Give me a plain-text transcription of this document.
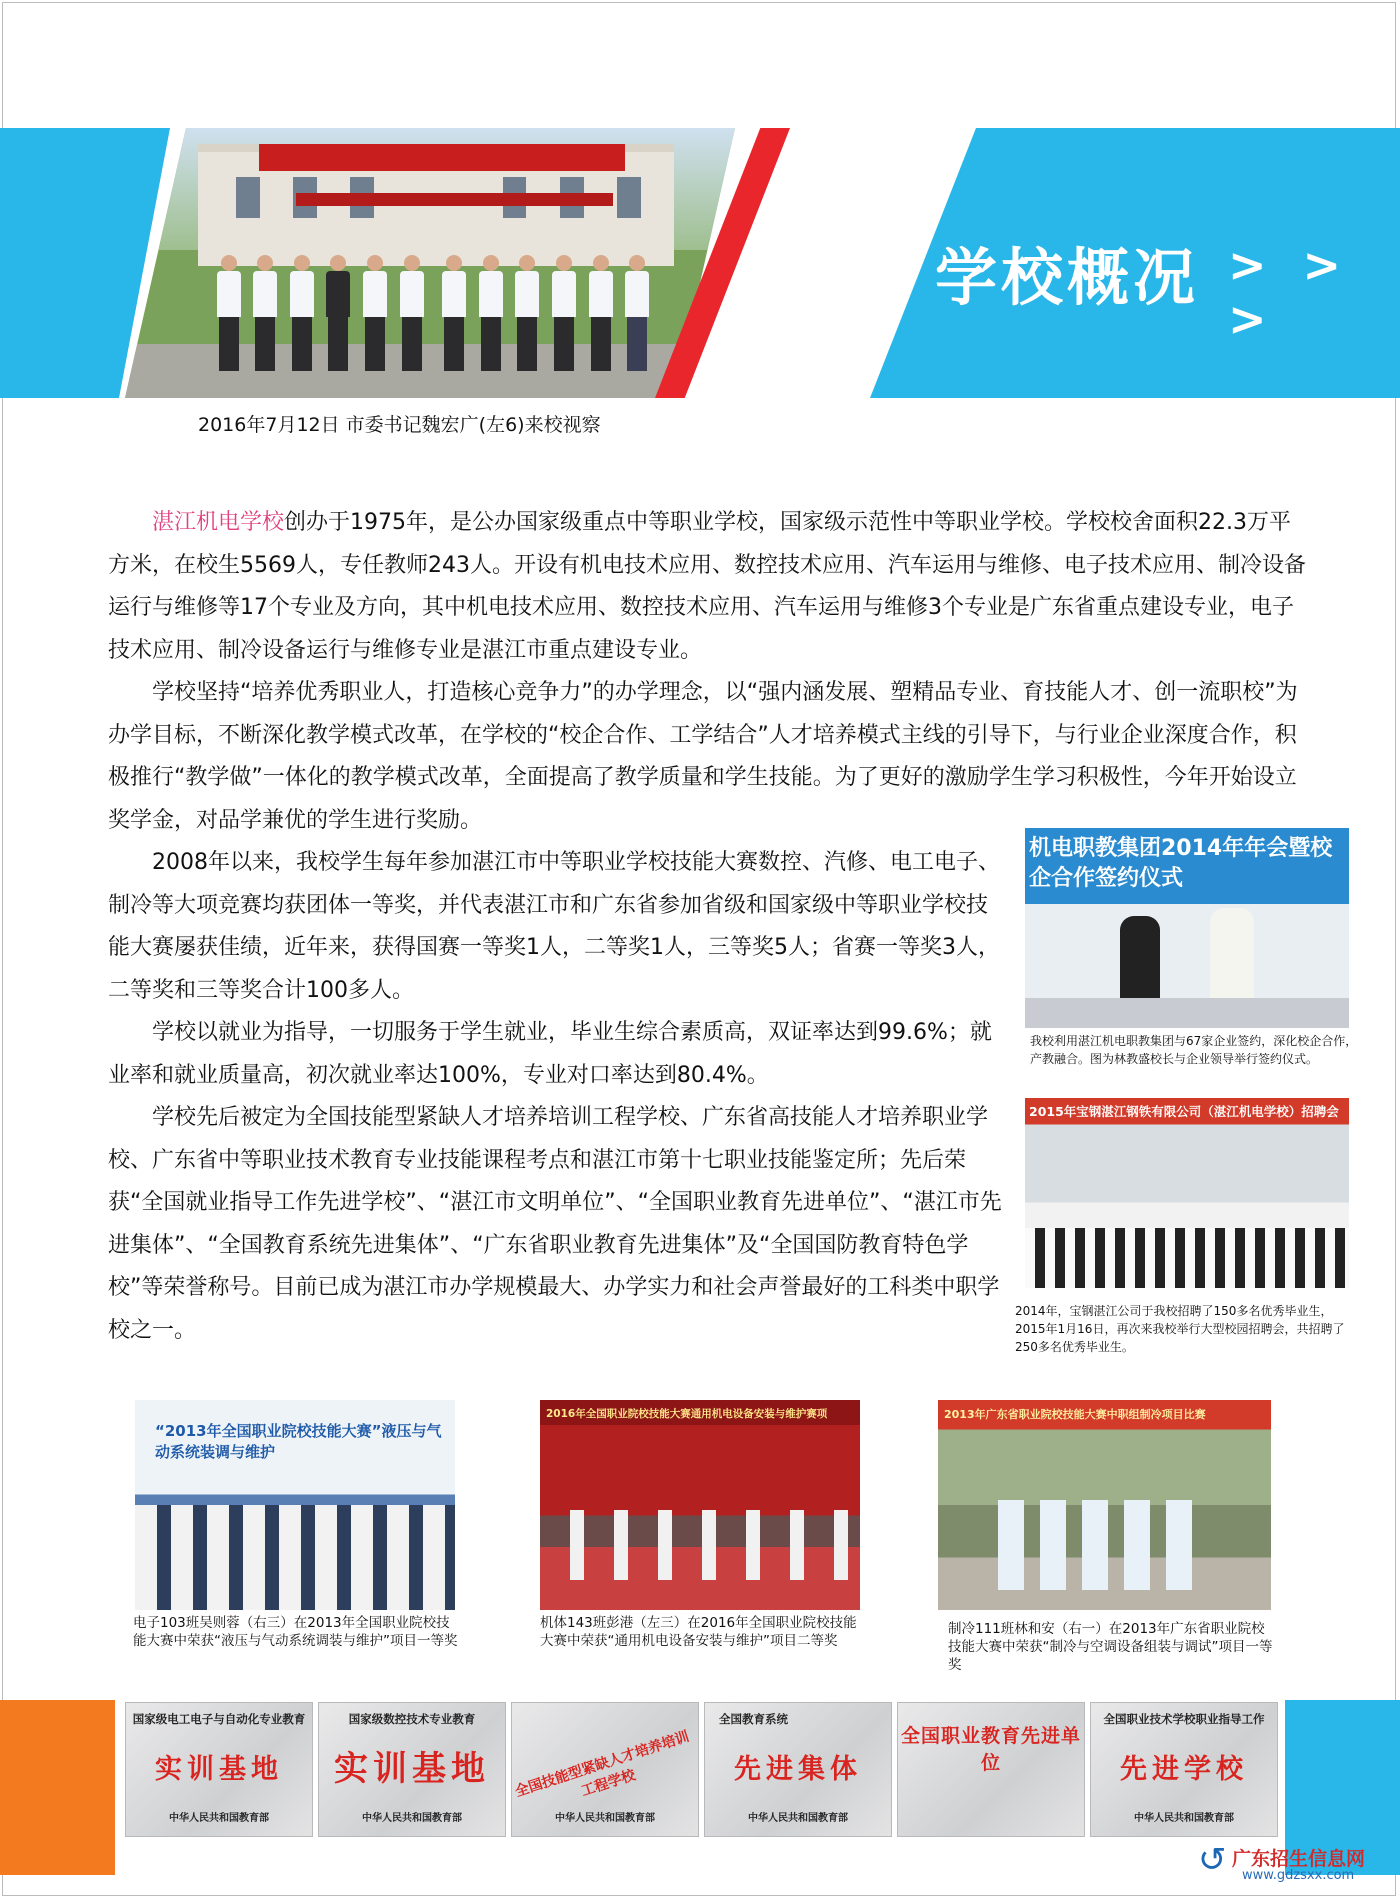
学校概况 > > >
2016年7月12日 市委书记魏宏广(左6)来校视察

湛江机电学校创办于1975年，是公办国家级重点中等职业学校，国家级示范性中等职业学校。学校校舍面积22.3万平方米，在校生5569人，专任教师243人。开设有机电技术应用、数控技术应用、汽车运用与维修、电子技术应用、制冷设备运行与维修等17个专业及方向，其中机电技术应用、数控技术应用、汽车运用与维修3个专业是广东省重点建设专业，电子技术应用、制冷设备运行与维修专业是湛江市重点建设专业。

学校坚持“培养优秀职业人，打造核心竞争力”的办学理念，以“强内涵发展、塑精品专业、育技能人才、创一流职校”为办学目标，不断深化教学模式改革，在学校的“校企合作、工学结合”人才培养模式主线的引导下，与行业企业深度合作，积极推行“教学做”一体化的教学模式改革，全面提高了教学质量和学生技能。为了更好的激励学生学习积极性，今年开始设立奖学金，对品学兼优的学生进行奖励。

2008年以来，我校学生每年参加湛江市中等职业学校技能大赛数控、汽修、电工电子、制冷等大项竞赛均获团体一等奖，并代表湛江市和广东省参加省级和国家级中等职业学校技能大赛屡获佳绩，近年来，获得国赛一等奖1人，二等奖1人，三等奖5人；省赛一等奖3人，二等奖和三等奖合计100多人。

学校以就业为指导，一切服务于学生就业，毕业生综合素质高，双证率达到99.6%；就业率和就业质量高，初次就业率达100%，专业对口率达到80.4%。

学校先后被定为全国技能型紧缺人才培养培训工程学校、广东省高技能人才培养职业学校、广东省中等职业技术教育专业技能课程考点和湛江市第十七职业技能鉴定所；先后荣获“全国就业指导工作先进学校”、“湛江市文明单位”、“全国职业教育先进单位”、“湛江市先进集体”、“全国教育系统先进集体”、“广东省职业教育先进集体”及“全国国防教育特色学校”等荣誉称号。目前已成为湛江市办学规模最大、办学实力和社会声誉最好的工科类中职学校之一。

机电职教集团2014年年会暨校企合作签约仪式
我校利用湛江机电职教集团与67家企业签约，深化校企合作，产教融合。图为林教盛校长与企业领导举行签约仪式。
2015年宝钢湛江钢铁有限公司（湛江机电学校）招聘会
2014年，宝钢湛江公司于我校招聘了150多名优秀毕业生，2015年1月16日，再次来我校举行大型校园招聘会，共招聘了250多名优秀毕业生。
“2013年全国职业院校技能大赛”液压与气动系统装调与维护
电子103班吴则蓉（右三）在2013年全国职业院校技能大赛中荣获“液压与气动系统调装与维护”项目一等奖
2016年全国职业院校技能大赛通用机电设备安装与维护赛项
机体143班彭港（左三）在2016年全国职业院校技能大赛中荣获“通用机电设备安装与维护”项目二等奖
2013年广东省职业院校技能大赛中职组制冷项目比赛
制冷111班林和安（右一）在2013年广东省职业院校技能大赛中荣获“制冷与空调设备组装与调试”项目一等奖
国家级电工电子与自动化专业教育
实训基地
中华人民共和国教育部
国家级数控技术专业教育
实训基地
中华人民共和国教育部
全国技能型紧缺人才培养培训工程学校
中华人民共和国教育部
全国教育系统
先进集体
中华人民共和国教育部
全国职业教育先进单位
全国职业技术学校职业指导工作
先进学校
中华人民共和国教育部
↺ 广东招生信息网
www.gdzsxx.com
